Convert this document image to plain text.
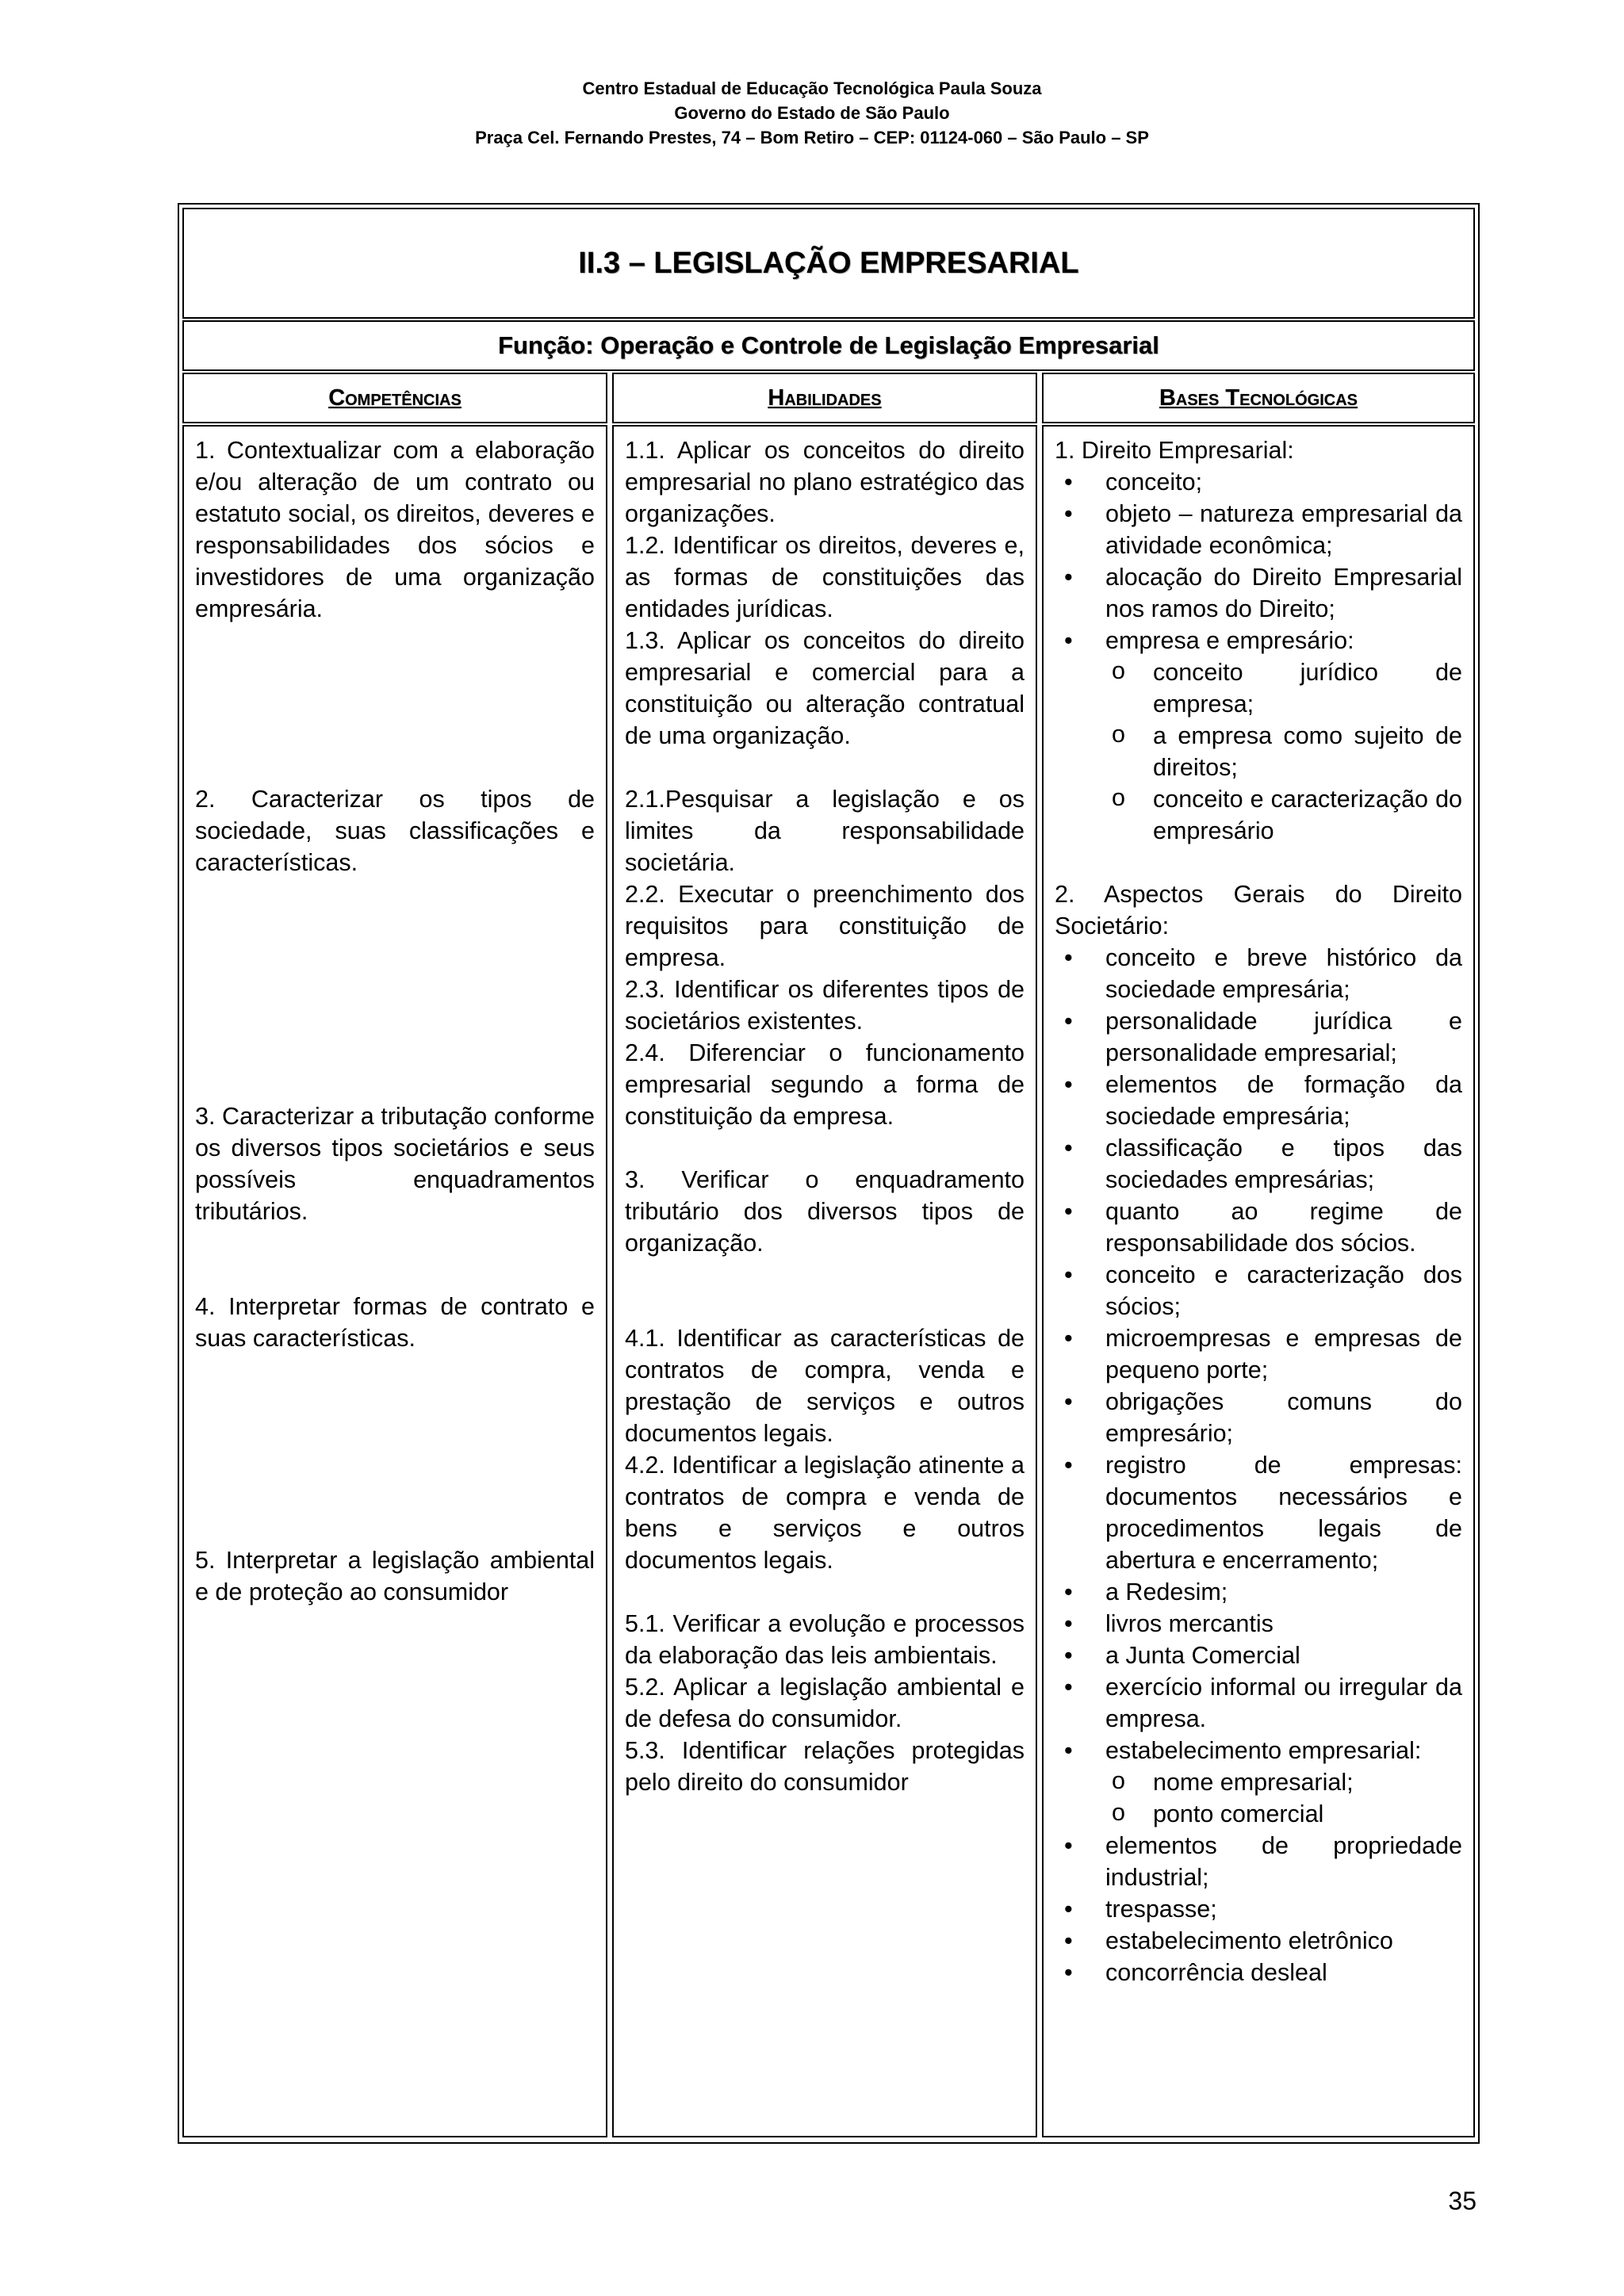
Centro Estadual de Educação Tecnológica Paula Souza
Governo do Estado de São Paulo
Praça Cel. Fernando Prestes, 74 – Bom Retiro – CEP: 01124-060 – São Paulo – SP
II.3 – LEGISLAÇÃO EMPRESARIAL
Função: Operação e Controle de Legislação Empresarial
Competências	Habilidades	Bases Tecnológicas

1. Contextualizar com a elaboração e/ou alteração de um contrato ou estatuto social, os direitos, deveres e responsabilidades dos sócios e investidores de uma organização empresária.

2. Caracterizar os tipos de sociedade, suas classificações e características.

3. Caracterizar a tributação conforme os diversos tipos societários e seus possíveis enquadramentos tributários.

4. Interpretar formas de contrato e suas características.

5. Interpretar a legislação ambiental e de proteção ao consumidor

1.1. Aplicar os conceitos do direito empresarial no plano estratégico das organizações.

1.2. Identificar os direitos, deveres e, as formas de constituições das entidades jurídicas.

1.3. Aplicar os conceitos do direito empresarial e comercial para a constituição ou alteração contratual de uma organização.

2.1.Pesquisar a legislação e os limites da responsabilidade societária.

2.2. Executar o preenchimento dos requisitos para constituição de empresa.

2.3. Identificar os diferentes tipos de societários existentes.

2.4. Diferenciar o funcionamento empresarial segundo a forma de constituição da empresa.

3. Verificar o enquadramento tributário dos diversos tipos de organização.

4.1. Identificar as características de contratos de compra, venda e prestação de serviços e outros documentos legais.

4.2. Identificar a legislação atinente a contratos de compra e venda de bens e serviços e outros documentos legais.

5.1. Verificar a evolução e processos da elaboração das leis ambientais.

5.2. Aplicar a legislação ambiental e de defesa do consumidor.

5.3. Identificar relações protegidas pelo direito do consumidor

1. Direito Empresarial:

• conceito;
• objeto – natureza empresarial da atividade econômica;
• alocação do Direito Empresarial nos ramos do Direito;
• empresa e empresário:
o conceito jurídico de empresa;
o a empresa como sujeito de direitos;
o conceito e caracterização do empresário

2. Aspectos Gerais do Direito Societário:

• conceito e breve histórico da sociedade empresária;
• personalidade jurídica e personalidade empresarial;
• elementos de formação da sociedade empresária;
• classificação e tipos das sociedades empresárias;
• quanto ao regime de responsabilidade dos sócios.
• conceito e caracterização dos sócios;
• microempresas e empresas de pequeno porte;
• obrigações comuns do empresário;
• registro de empresas: documentos necessários e procedimentos legais de abertura e encerramento;
• a Redesim;
• livros mercantis
• a Junta Comercial
• exercício informal ou irregular da empresa.
• estabelecimento empresarial:
o nome empresarial;
o ponto comercial
• elementos de propriedade industrial;
• trespasse;
• estabelecimento eletrônico
• concorrência desleal
35
